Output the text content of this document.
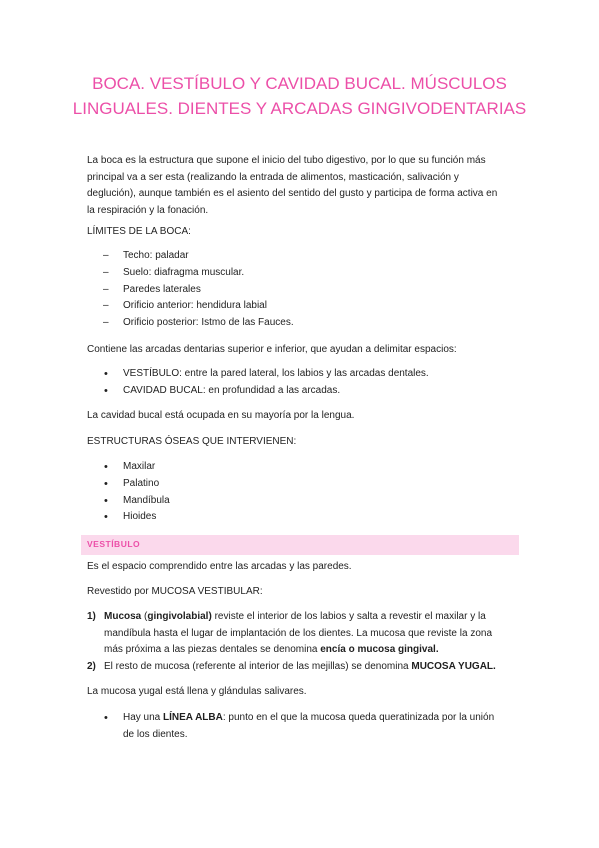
BOCA. VESTÍBULO Y CAVIDAD BUCAL. MÚSCULOS
LINGUALES. DIENTES Y ARCADAS GINGIVODENTARIAS

La boca es la estructura que supone el inicio del tubo digestivo, por lo que su función más principal va a ser esta (realizando la entrada de alimentos, masticación, salivación y deglución), aunque también es el asiento del sentido del gusto y participa de forma activa en la respiración y la fonación.

LÍMITES DE LA BOCA:

– Techo: paladar
– Suelo: diafragma muscular.
– Paredes laterales
– Orificio anterior: hendidura labial
– Orificio posterior: Istmo de las Fauces.

Contiene las arcadas dentarias superior e inferior, que ayudan a delimitar espacios:

• VESTÍBULO: entre la pared lateral, los labios y las arcadas dentales.
• CAVIDAD BUCAL: en profundidad a las arcadas.

La cavidad bucal está ocupada en su mayoría por la lengua.

ESTRUCTURAS ÓSEAS QUE INTERVIENEN:

• Maxilar
• Palatino
• Mandíbula
• Hioides
VESTÍBULO

Es el espacio comprendido entre las arcadas y las paredes.

Revestido por MUCOSA VESTIBULAR:

1) Mucosa (gingivolabial) reviste el interior de los labios y salta a revestir el maxilar y la mandíbula hasta el lugar de implantación de los dientes. La mucosa que reviste la zona más próxima a las piezas dentales se denomina encía o mucosa gingival.
2) El resto de mucosa (referente al interior de las mejillas) se denomina MUCOSA YUGAL.

La mucosa yugal está llena y glándulas salivares.

• Hay una LÍNEA ALBA: punto en el que la mucosa queda queratinizada por la unión de los dientes.
